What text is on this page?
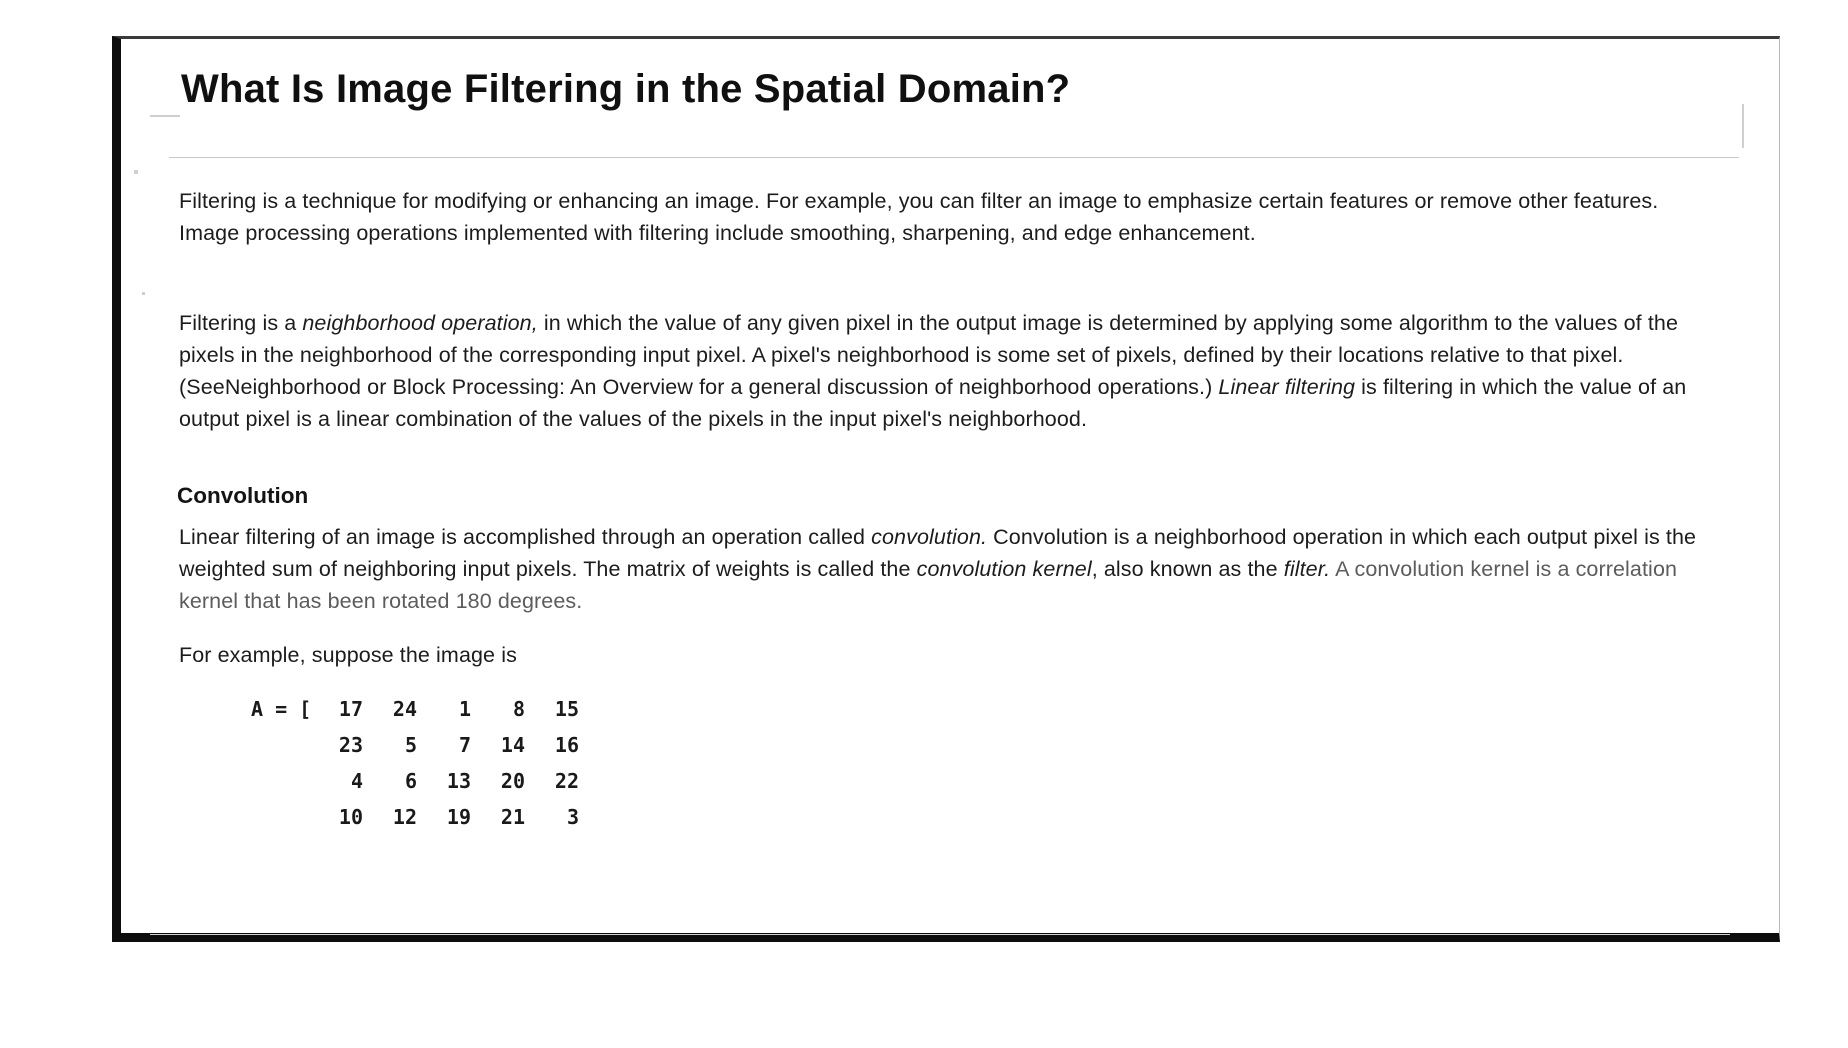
What Is Image Filtering in the Spatial Domain?
Filtering is a technique for modifying or enhancing an image. For example, you can filter an image to emphasize certain features or remove other features. Image processing operations implemented with filtering include smoothing, sharpening, and edge enhancement.
Filtering is a neighborhood operation, in which the value of any given pixel in the output image is determined by applying some algorithm to the values of the pixels in the neighborhood of the corresponding input pixel. A pixel's neighborhood is some set of pixels, defined by their locations relative to that pixel. (SeeNeighborhood or Block Processing: An Overview for a general discussion of neighborhood operations.) Linear filtering is filtering in which the value of an output pixel is a linear combination of the values of the pixels in the input pixel's neighborhood.
Convolution
Linear filtering of an image is accomplished through an operation called convolution. Convolution is a neighborhood operation in which each output pixel is the weighted sum of neighboring input pixels. The matrix of weights is called the convolution kernel, also known as the filter. A convolution kernel is a correlation kernel that has been rotated 180 degrees.
For example, suppose the image is
A = [	17	24	1	8	15
	23	5	7	14	16
	4	6	13	20	22
	10	12	19	21	3
